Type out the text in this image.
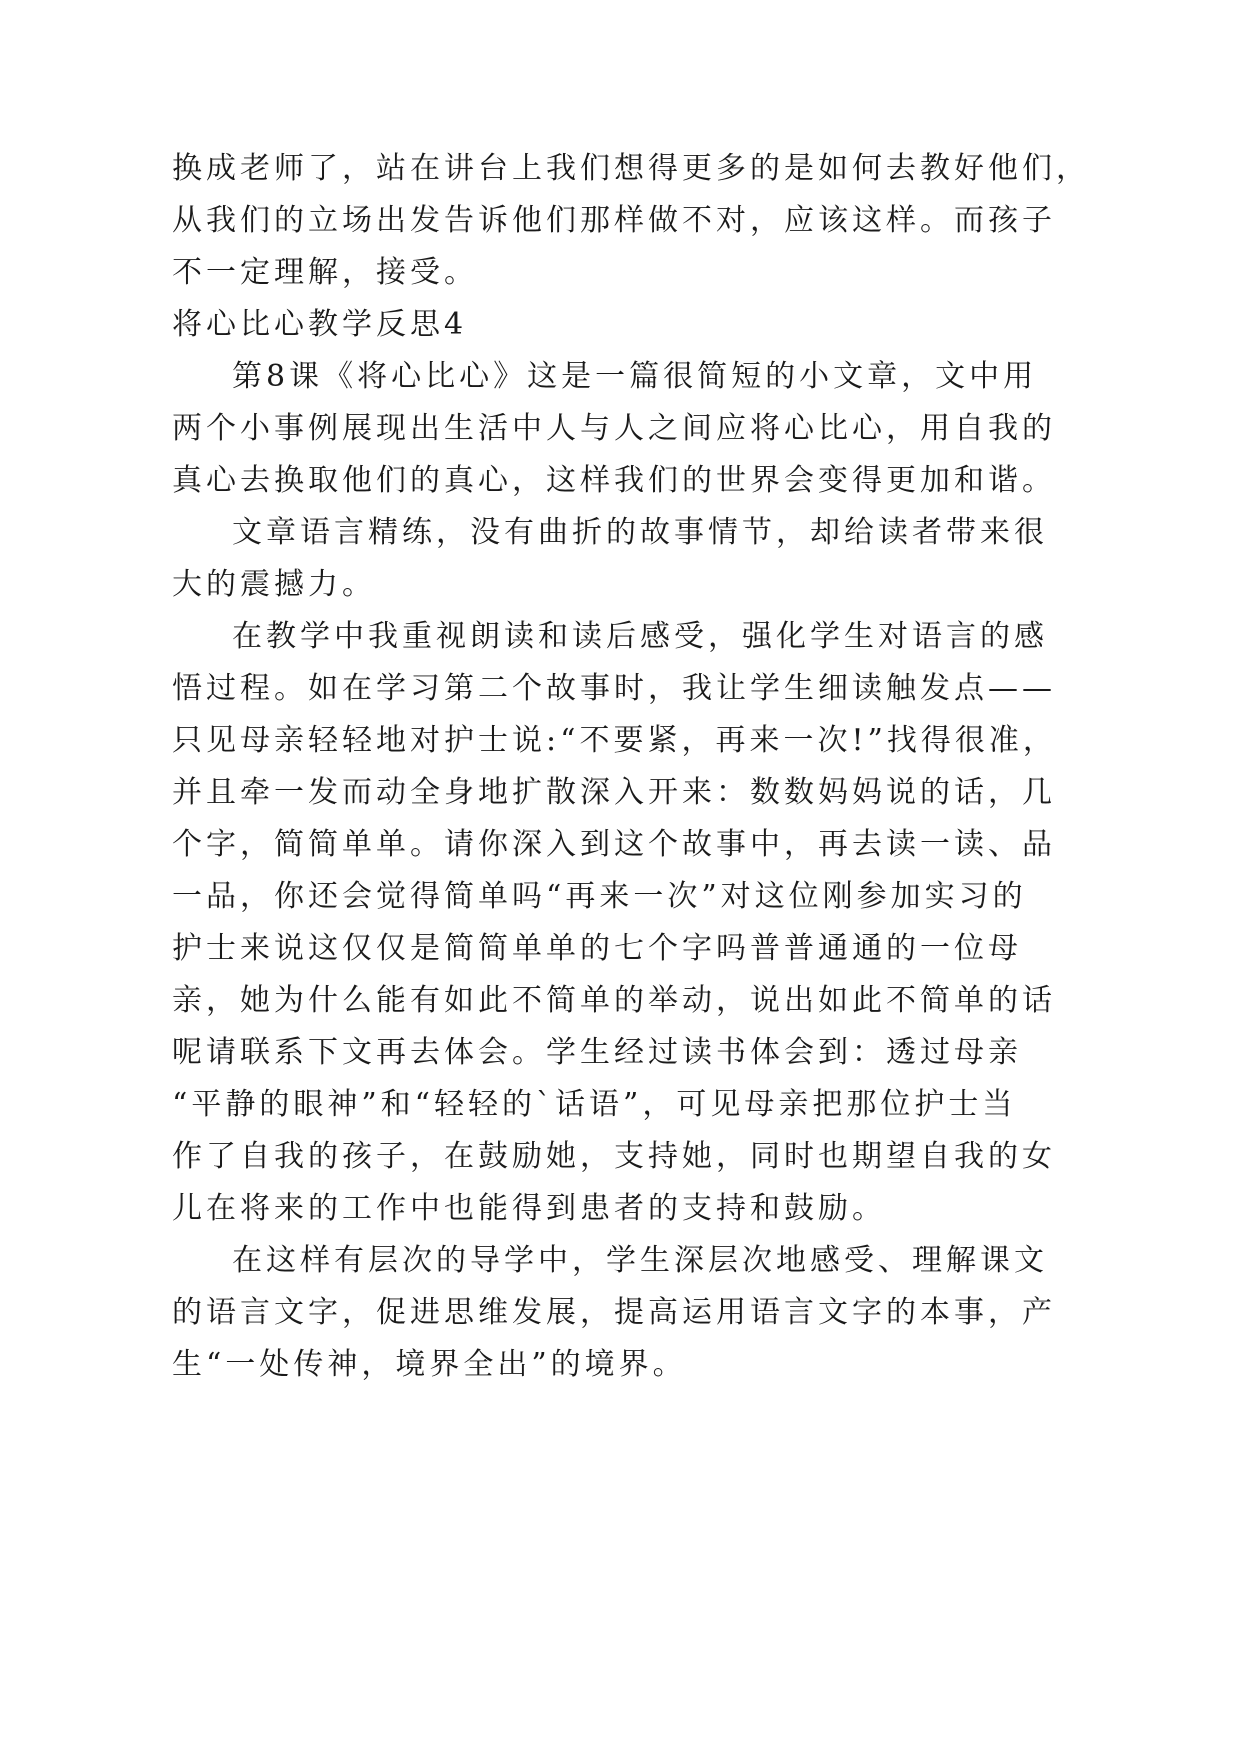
换成老师了，站在讲台上我们想得更多的是如何去教好他们，
从我们的立场出发告诉他们那样做不对，应该这样。而孩子
不一定理解，接受。
将心比心教学反思4
第8课《将心比心》这是一篇很简短的小文章，文中用
两个小事例展现出生活中人与人之间应将心比心，用自我的
真心去换取他们的真心，这样我们的世界会变得更加和谐。
文章语言精练，没有曲折的故事情节，却给读者带来很
大的震撼力。
在教学中我重视朗读和读后感受，强化学生对语言的感
悟过程。如在学习第二个故事时，我让学生细读触发点——
只见母亲轻轻地对护士说:“不要紧，再来一次!”找得很准，
并且牵一发而动全身地扩散深入开来：数数妈妈说的话，几
个字，简简单单。请你深入到这个故事中，再去读一读、品
一品，你还会觉得简单吗“再来一次”对这位刚参加实习的
护士来说这仅仅是简简单单的七个字吗普普通通的一位母
亲，她为什么能有如此不简单的举动，说出如此不简单的话
呢请联系下文再去体会。学生经过读书体会到：透过母亲
“平静的眼神”和“轻轻的`话语”，可见母亲把那位护士当
作了自我的孩子，在鼓励她，支持她，同时也期望自我的女
儿在将来的工作中也能得到患者的支持和鼓励。
在这样有层次的导学中，学生深层次地感受、理解课文
的语言文字，促进思维发展，提高运用语言文字的本事，产
生“一处传神，境界全出”的境界。
